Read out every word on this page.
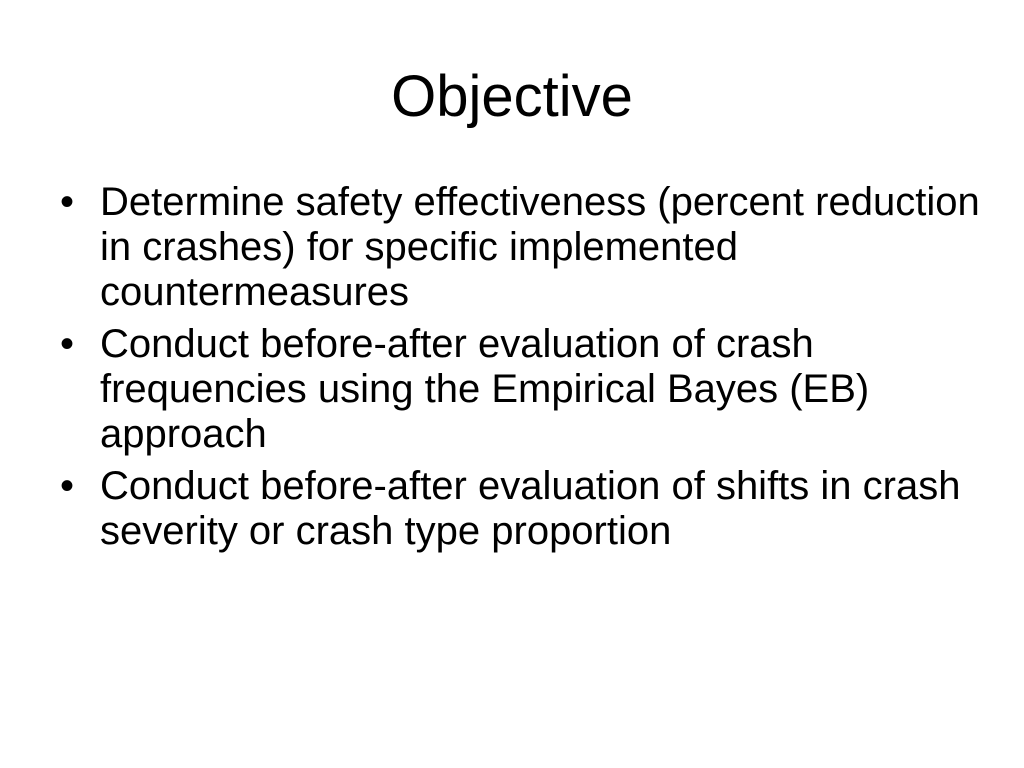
Objective
• Determine safety effectiveness (percent reduction in crashes) for specific implemented countermeasures
• Conduct before-after evaluation of crash frequencies using the Empirical Bayes (EB) approach
• Conduct before-after evaluation of shifts in crash severity or crash type proportion
